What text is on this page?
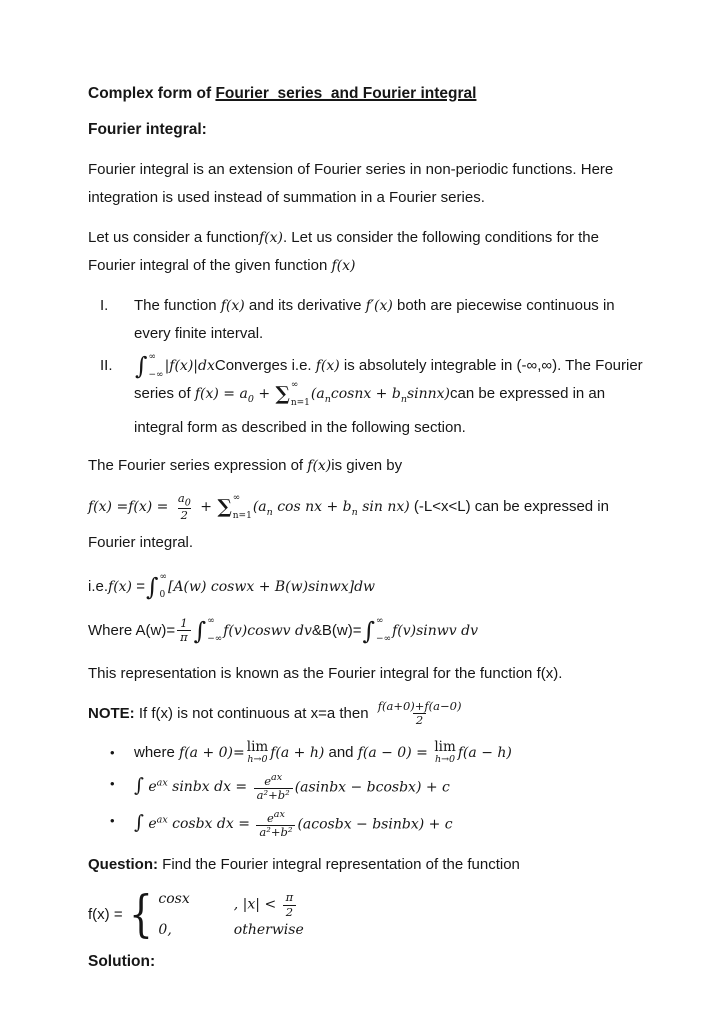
Complex form of Fourier  series  and Fourier integral

Fourier integral:

Fourier integral is an extension of Fourier series in non-periodic functions. Here integration is used instead of summation in a Fourier series.

Let us consider a functionf(x). Let us consider the following conditions for the Fourier integral of the given function f(x)

I.	The function f(x) and its derivative f′(x) both are piecewise continuous in every finite interval.
II. ∫ ∞
−∞
|f(x)|dxConverges i.e. f(x) is absolutely integrable in (-∞,∞). The Fourier series of $f(x) = a_0$ + ∑ ∞
n=1
($a_ncosnx$ + $b_nsinnx)can$ be expressed in an integral form as described in the following section.

The Fourier series expression of f(x)is given by

$f(x) =f(x) = \frac{a_0}{2}$ + ∑ ∞
n=1
($a_n$ cos nx + $b_n$ sin nx) (-L<x<L) can be expressed in
Fourier integral.
i.e.f(x) = ∫ ∞
0
[A(w) coswx + B(w)sinwx]dw
Where $A(w)= \frac{1}{\pi}$ ∫ ∞
−∞
f(v)coswv dv&B(w)= ∫ ∞
−∞
f(v)sinwv dv

This representation is known as the Fourier integral for the function f(x).

NOTE: If f(x) is not continuous at x=a then $\frac{f(a+0)+f(a-0)}{2}$

•	where f(a + 0)= lim
h→0 f(a + h) and f(a − 0) = lim
h→0 f(a − h)
•	∫ $e^{ax}$ sinbx dx = $\frac{e^{ax}}{\text{a²+b²}}$ (asinbx − bcosbx) + c
•	∫ $e^{ax}$ cosbx dx = $\frac{e^{ax}}{\text{a²+b²}}$ (acosbx − bsinbx) + c

Question: Find the Fourier integral representation of the function

f(x) = { cosx	, $|x| < \frac{\pi}{2}$
0,	otherwise

Solution:
